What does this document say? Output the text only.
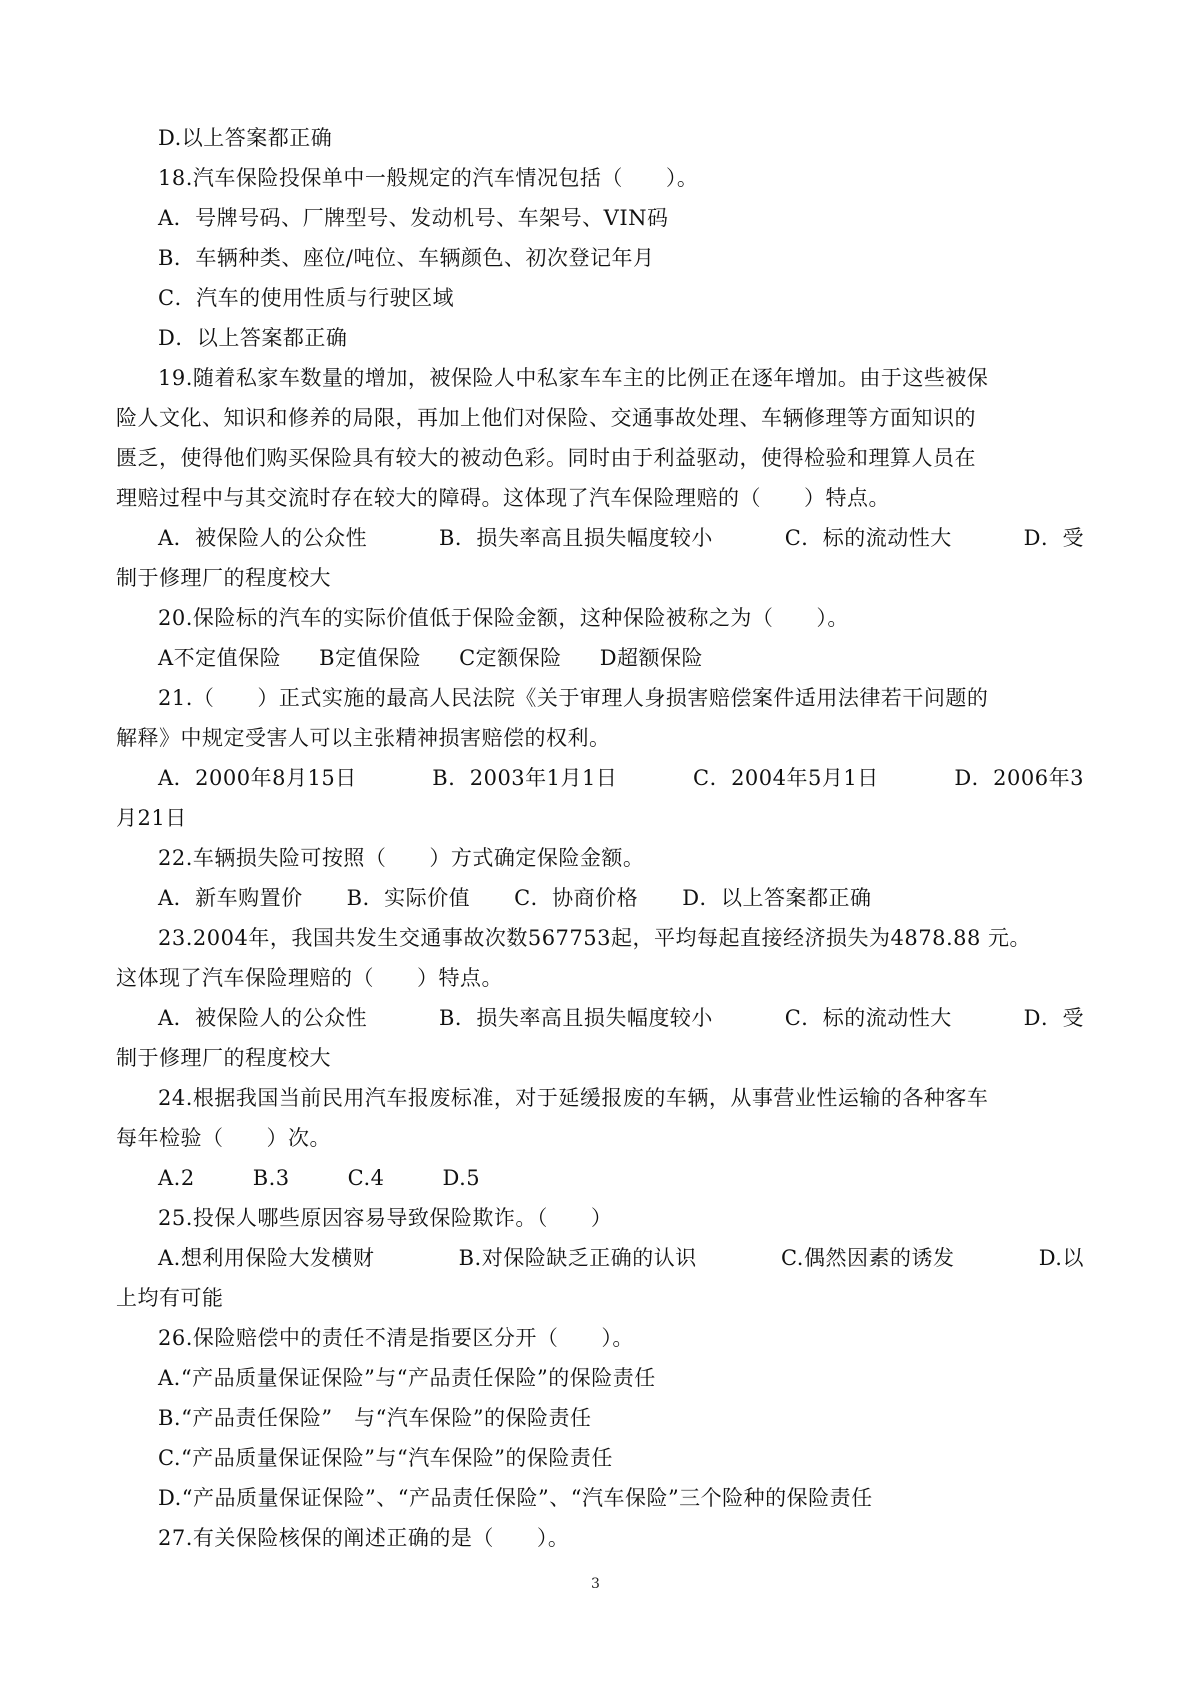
D.以上答案都正确
18.汽车保险投保单中一般规定的汽车情况包括（　　）。
A．号牌号码、厂牌型号、发动机号、车架号、VIN码
B．车辆种类、座位/吨位、车辆颜色、初次登记年月
C．汽车的使用性质与行驶区域
D．以上答案都正确
19.随着私家车数量的增加，被保险人中私家车车主的比例正在逐年增加。由于这些被保
险人文化、知识和修养的局限，再加上他们对保险、交通事故处理、车辆修理等方面知识的
匮乏，使得他们购买保险具有较大的被动色彩。同时由于利益驱动，使得检验和理算人员在
理赔过程中与其交流时存在较大的障碍。这体现了汽车保险理赔的（　　）特点。
A．被保险人的公众性	B．损失率高且损失幅度较小	C．标的流动性大	D．受
制于修理厂的程度校大
20.保险标的汽车的实际价值低于保险金额，这种保险被称之为（　　）。
A不定值保险 B定值保险 C定额保险 D超额保险
21.（　　）正式实施的最高人民法院《关于审理人身损害赔偿案件适用法律若干问题的
解释》中规定受害人可以主张精神损害赔偿的权利。
A．2000年8月15日	B．2003年1月1日	C．2004年5月1日	D．2006年3
月21日
22.车辆损失险可按照（　　）方式确定保险金额。
A．新车购置价 B．实际价值 C．协商价格 D．以上答案都正确
23.2004年，我国共发生交通事故次数567753起，平均每起直接经济损失为4878.88 元。
这体现了汽车保险理赔的（　　）特点。
A．被保险人的公众性	B．损失率高且损失幅度较小	C．标的流动性大	D．受
制于修理厂的程度校大
24.根据我国当前民用汽车报废标准，对于延缓报废的车辆，从事营业性运输的各种客车
每年检验（　　）次。
A.2	B.3	C.4	D.5
25.投保人哪些原因容易导致保险欺诈。（　　）
A.想利用保险大发横财	B.对保险缺乏正确的认识	C.偶然因素的诱发	D.以
上均有可能
26.保险赔偿中的责任不清是指要区分开（　　）。
A.“产品质量保证保险”与“产品责任保险”的保险责任
B.“产品责任保险”　与“汽车保险”的保险责任
C.“产品质量保证保险”与“汽车保险”的保险责任
D.“产品质量保证保险”、“产品责任保险”、“汽车保险”三个险种的保险责任
27.有关保险核保的阐述正确的是（　　）。
3
